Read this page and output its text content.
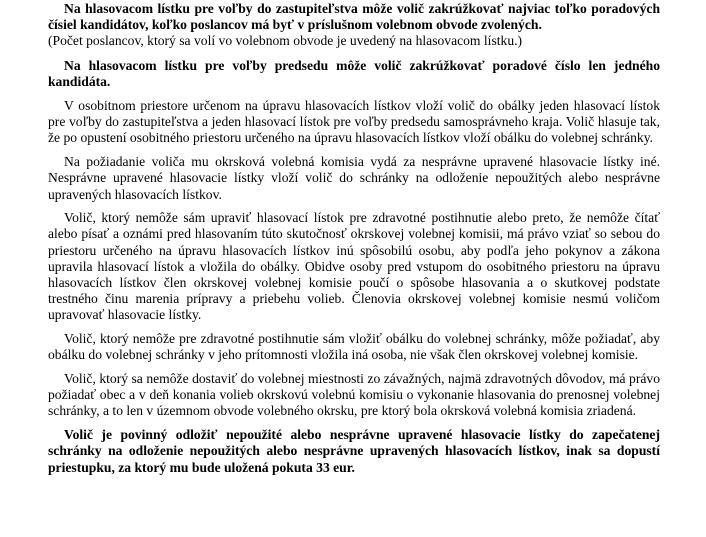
Na hlasovacom lístku pre voľby do zastupiteľstva môže volič zakrúžkovať najviac toľko poradových čísiel kandidátov, koľko poslancov má byť v príslušnom volebnom obvode zvolených.

(Počet poslancov, ktorý sa volí vo volebnom obvode je uvedený na hlasovacom lístku.)

Na hlasovacom lístku pre voľby predsedu môže volič zakrúžkovať poradové číslo len jedného kandidáta.

V osobitnom priestore určenom na úpravu hlasovacích lístkov vloží volič do obálky jeden hlasovací lístok pre voľby do zastupiteľstva a jeden hlasovací lístok pre voľby predsedu samosprávneho kraja. Volič hlasuje tak, že po opustení osobitného priestoru určeného na úpravu hlasovacích lístkov vloží obálku do volebnej schránky.

Na požiadanie voliča mu okrsková volebná komisia vydá za nesprávne upravené hlasovacie lístky iné. Nesprávne upravené hlasovacie lístky vloží volič do schránky na odloženie nepoužitých alebo nesprávne upravených hlasovacích lístkov.

Volič, ktorý nemôže sám upraviť hlasovací lístok pre zdravotné postihnutie alebo preto, že nemôže čítať alebo písať a oznámi pred hlasovaním túto skutočnosť okrskovej volebnej komisii, má právo vziať so sebou do priestoru určeného na úpravu hlasovacích lístkov inú spôsobilú osobu, aby podľa jeho pokynov a zákona upravila hlasovací lístok a vložila do obálky. Obidve osoby pred vstupom do osobitného priestoru na úpravu hlasovacích lístkov člen okrskovej volebnej komisie poučí o spôsobe hlasovania a o skutkovej podstate trestného činu marenia prípravy a priebehu volieb. Členovia okrskovej volebnej komisie nesmú voličom upravovať hlasovacie lístky.

Volič, ktorý nemôže pre zdravotné postihnutie sám vložiť obálku do volebnej schránky, môže požiadať, aby obálku do volebnej schránky v jeho prítomnosti vložila iná osoba, nie však člen okrskovej volebnej komisie.

Volič, ktorý sa nemôže dostaviť do volebnej miestnosti zo závažných, najmä zdravotných dôvodov, má právo požiadať obec a v deň konania volieb okrskovú volebnú komisiu o vykonanie hlasovania do prenosnej volebnej schránky, a to len v územnom obvode volebného okrsku, pre ktorý bola okrsková volebná komisia zriadená.

Volič je povinný odložiť nepoužité alebo nesprávne upravené hlasovacie lístky do zapečatenej schránky na odloženie nepoužitých alebo nesprávne upravených hlasovacích lístkov, inak sa dopustí priestupku, za ktorý mu bude uložená pokuta 33 eur.
